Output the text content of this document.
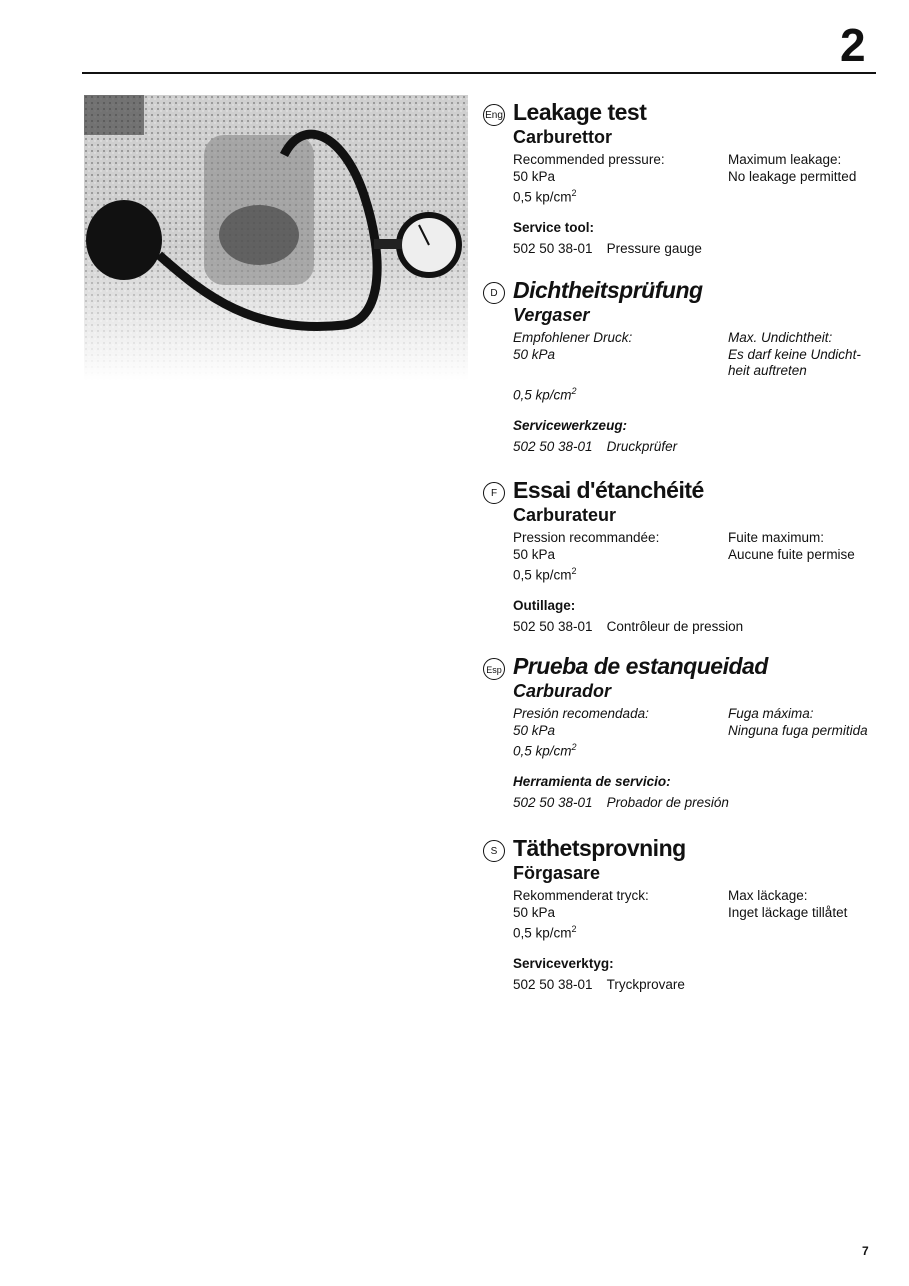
2
Eng Leakage test
Carburettor
Recommended pressure:
50 kPa
0,5 $kp/cm^2$
Maximum leakage:
No leakage permitted
Service tool:
502 50 38-01 Pressure gauge
D Dichtheitsprüfung
Vergaser
Empfohlener Druck:
50 kPa
0,5 $kp/cm^2$
Max. Undichtheit:
Es darf keine Undicht-
heit auftreten
Servicewerkzeug:
502 50 38-01 Druckprüfer
F Essai d'étanchéité
Carburateur
Pression recommandée:
50 kPa
0,5 $kp/cm^2$
Fuite maximum:
Aucune fuite permise
Outillage:
502 50 38-01 Contrôleur de pression
Esp Prueba de estanqueidad
Carburador
Presión recomendada:
50 kPa
0,5 $kp/cm^2$
Fuga máxima:
Ninguna fuga permitida
Herramienta de servicio:
502 50 38-01 Probador de presión
S Täthetsprovning
Förgasare
Rekommenderat tryck:
50 kPa
0,5 $kp/cm^2$
Max läckage:
Inget läckage tillåtet
Serviceverktyg:
502 50 38-01 Tryckprovare
7
